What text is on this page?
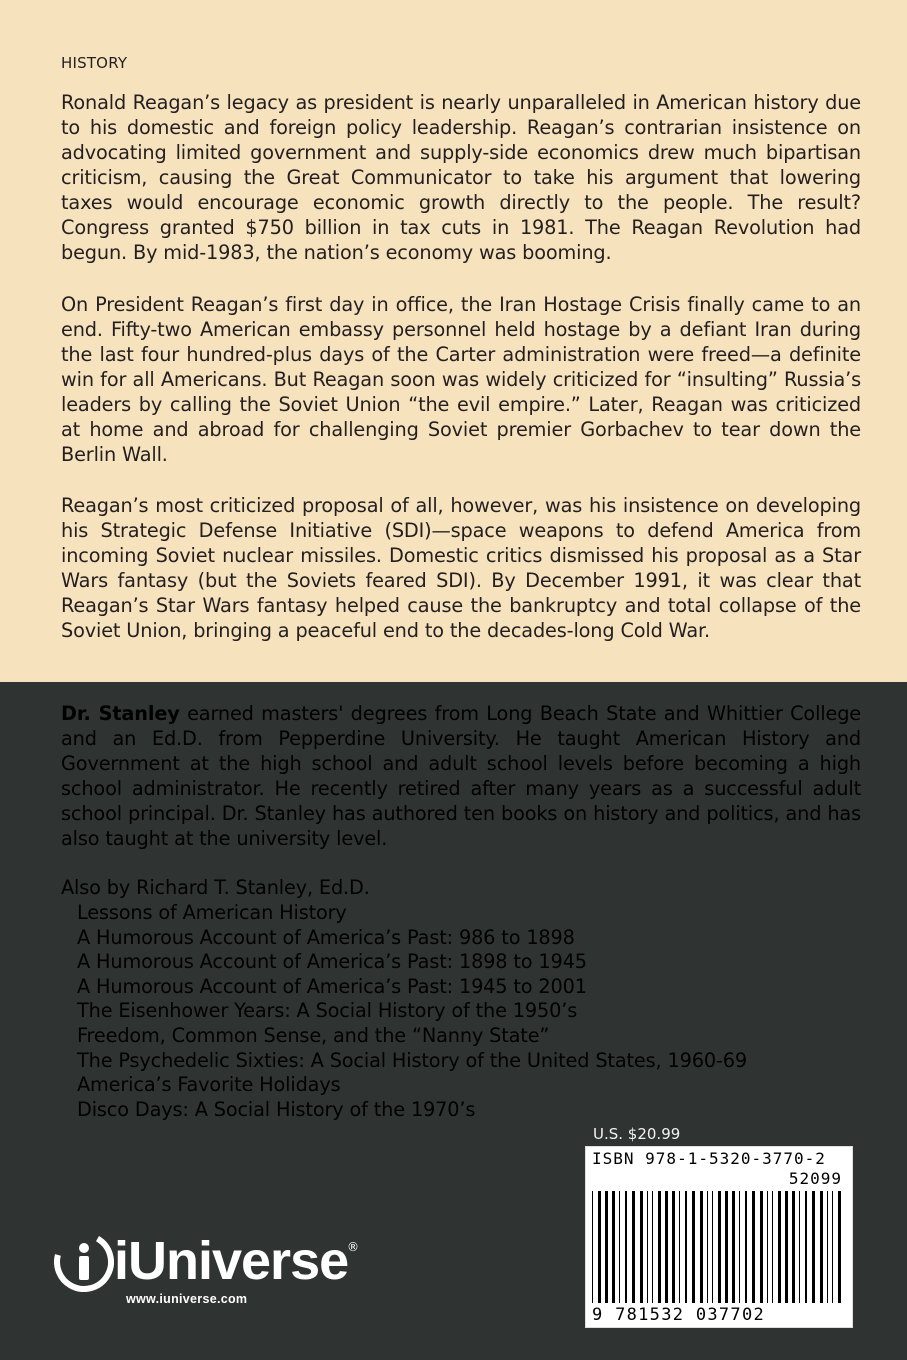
HISTORY

Ronald Reagan’s legacy as president is nearly unparalleled in American history due to his domestic and foreign policy leadership. Reagan’s contrarian insistence on advocating limited government and supply-side economics drew much bipartisan criticism, causing the Great Communicator to take his argument that lowering taxes would encourage economic growth directly to the people. The result? Congress granted $750 billion in tax cuts in 1981. The Reagan Revolution had begun. By mid-1983, the nation’s economy was booming.

On President Reagan’s first day in office, the Iran Hostage Crisis finally came to an end. Fifty-two American embassy personnel held hostage by a defiant Iran during the last four hundred-plus days of the Carter administration were freed—a definite win for all Americans. But Reagan soon was widely criticized for “insulting” Russia’s leaders by calling the Soviet Union “the evil empire.” Later, Reagan was criticized at home and abroad for challenging Soviet premier Gorbachev to tear down the Berlin Wall.

Reagan’s most criticized proposal of all, however, was his insistence on developing his Strategic Defense Initiative (SDI)—space weapons to defend America from incoming Soviet nuclear missiles. Domestic critics dismissed his proposal as a Star Wars fantasy (but the Soviets feared SDI). By December 1991, it was clear that Reagan’s Star Wars fantasy helped cause the bankruptcy and total collapse of the Soviet Union, bringing a peaceful end to the decades-long Cold War.

Dr. Stanley earned masters' degrees from Long Beach State and Whittier College and an Ed.D. from Pepperdine University. He taught American History and Government at the high school and adult school levels before becoming a high school administrator. He recently retired after many years as a successful adult school principal. Dr. Stanley has authored ten books on history and politics, and has also taught at the university level.

Also by Richard T. Stanley, Ed.D.
Lessons of American History
A Humorous Account of America’s Past: 986 to 1898
A Humorous Account of America’s Past: 1898 to 1945
A Humorous Account of America’s Past: 1945 to 2001
The Eisenhower Years: A Social History of the 1950’s
Freedom, Common Sense, and the “Nanny State”
The Psychedelic Sixties: A Social History of the United States, 1960-69
America’s Favorite Holidays
Disco Days: A Social History of the 1970’s
U.S. $20.99
ISBN 978-1-5320-3770-2
52099
9 781532 037702
iUniverse
®
www.iuniverse.com
